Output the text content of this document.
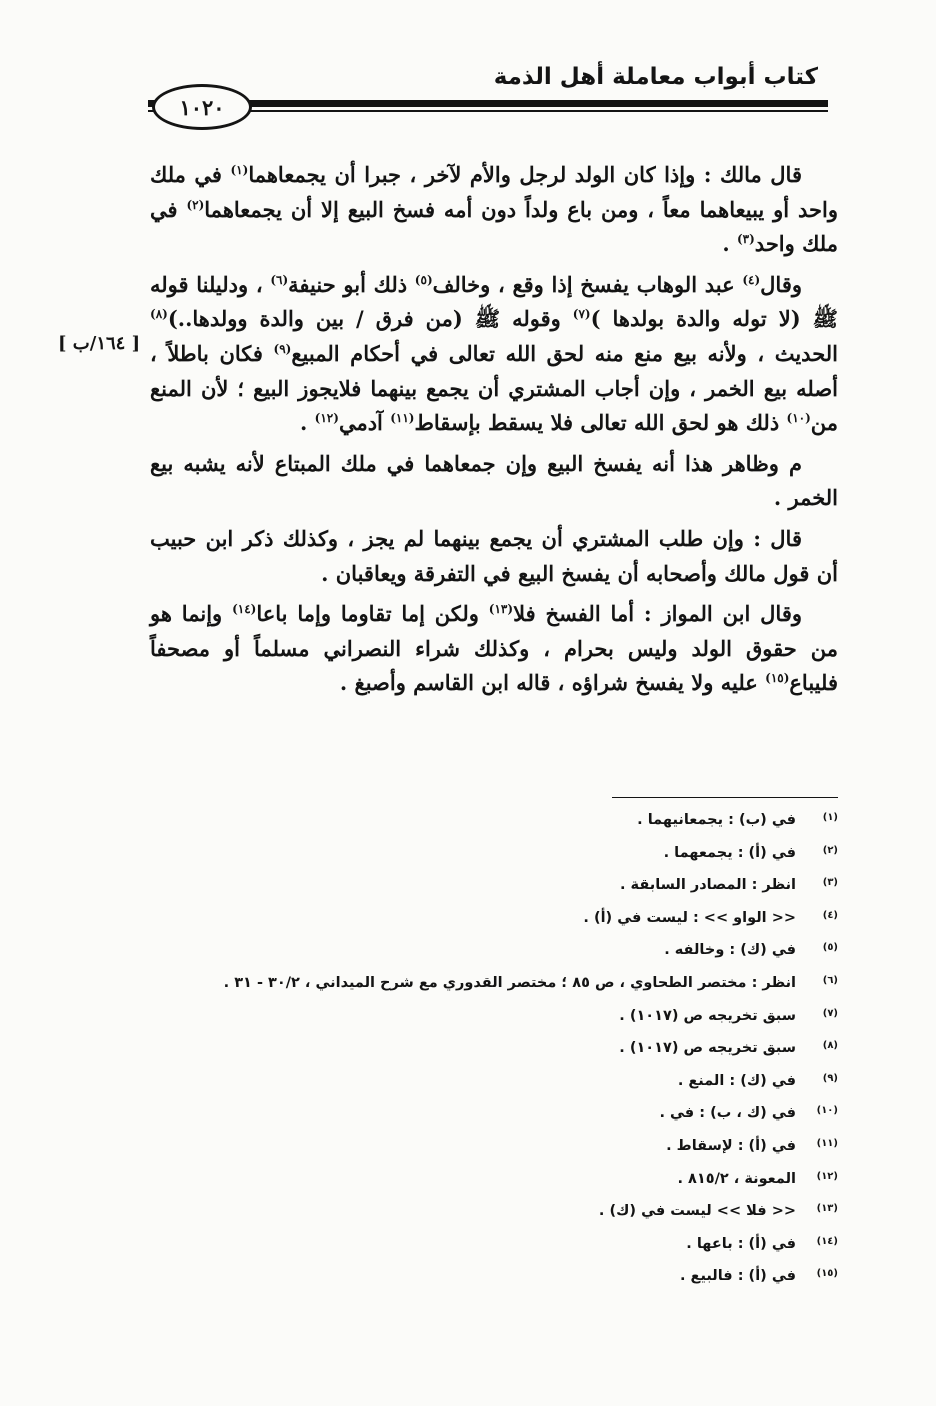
كتاب أبواب معاملة أهل الذمة
١٠٢٠
[ ١٦٤/ب ]

قال مالك : وإذا كان الولد لرجل والأم لآخر ، جبرا أن يجمعاهما$^{(١)}$ في ملك واحد أو يبيعاهما معاً ، ومن باع ولداً دون أمه فسخ البيع إلا أن يجمعاهما$^{(٢)}$ في ملك واحد$^{(٣)}$ .

وقال$^{(٤)}$ عبد الوهاب يفسخ إذا وقع ، وخالف$^{(٥)}$ ذلك أبو حنيفة$^{(٦)}$ ، ودليلنا قوله ﷺ (لا توله والدة بولدها )$^{(٧)}$ وقوله ﷺ (من فرق / بين والدة وولدها..)$^{(٨)}$ الحديث ، ولأنه بيع منع منه لحق الله تعالى في أحكام المبيع$^{(٩)}$ فكان باطلاً ، أصله بيع الخمر ، وإن أجاب المشتري أن يجمع بينهما فلايجوز البيع ؛ لأن المنع من$^{(١٠)}$ ذلك هو لحق الله تعالى فلا يسقط بإسقاط$^{(١١)}$ آدمي$^{(١٢)}$ .

م وظاهر هذا أنه يفسخ البيع وإن جمعاهما في ملك المبتاع لأنه يشبه بيع الخمر .

قال : وإن طلب المشتري أن يجمع بينهما لم يجز ، وكذلك ذكر ابن حبيب أن قول مالك وأصحابه أن يفسخ البيع في التفرقة ويعاقبان .

وقال ابن المواز : أما الفسخ فلا$^{(١٣)}$ ولكن إما تقاوما وإما باعا$^{(١٤)}$ وإنما هو من حقوق الولد وليس بحرام ، وكذلك شراء النصراني مسلماً أو مصحفاً فليباع$^{(١٥)}$ عليه ولا يفسخ شراؤه ، قاله ابن القاسم وأصبغ .

(١)
في (ب) : يجمعانيهما .
(٢)
في (أ) : يجمعهما .
(٣)
انظر : المصادر السابقة .
(٤)
<< الواو >> : ليست في (أ) .
(٥)
في (ك) : وخالفه .
(٦)
انظر : مختصر الطحاوي ، ص ٨٥ ؛ مختصر القدوري مع شرح الميداني ، ٣٠/٢ - ٣١ .
(٧)
سبق تخريجه ص (١٠١٧) .
(٨)
سبق تخريجه ص (١٠١٧) .
(٩)
في (ك) : المنع .
(١٠)
في (ك ، ب) : في .
(١١)
في (أ) : لإسقاط .
(١٢)
المعونة ، ٨١٥/٢ .
(١٣)
<< فلا >> ليست في (ك) .
(١٤)
في (أ) : باعها .
(١٥)
في (أ) : فالبيع .
